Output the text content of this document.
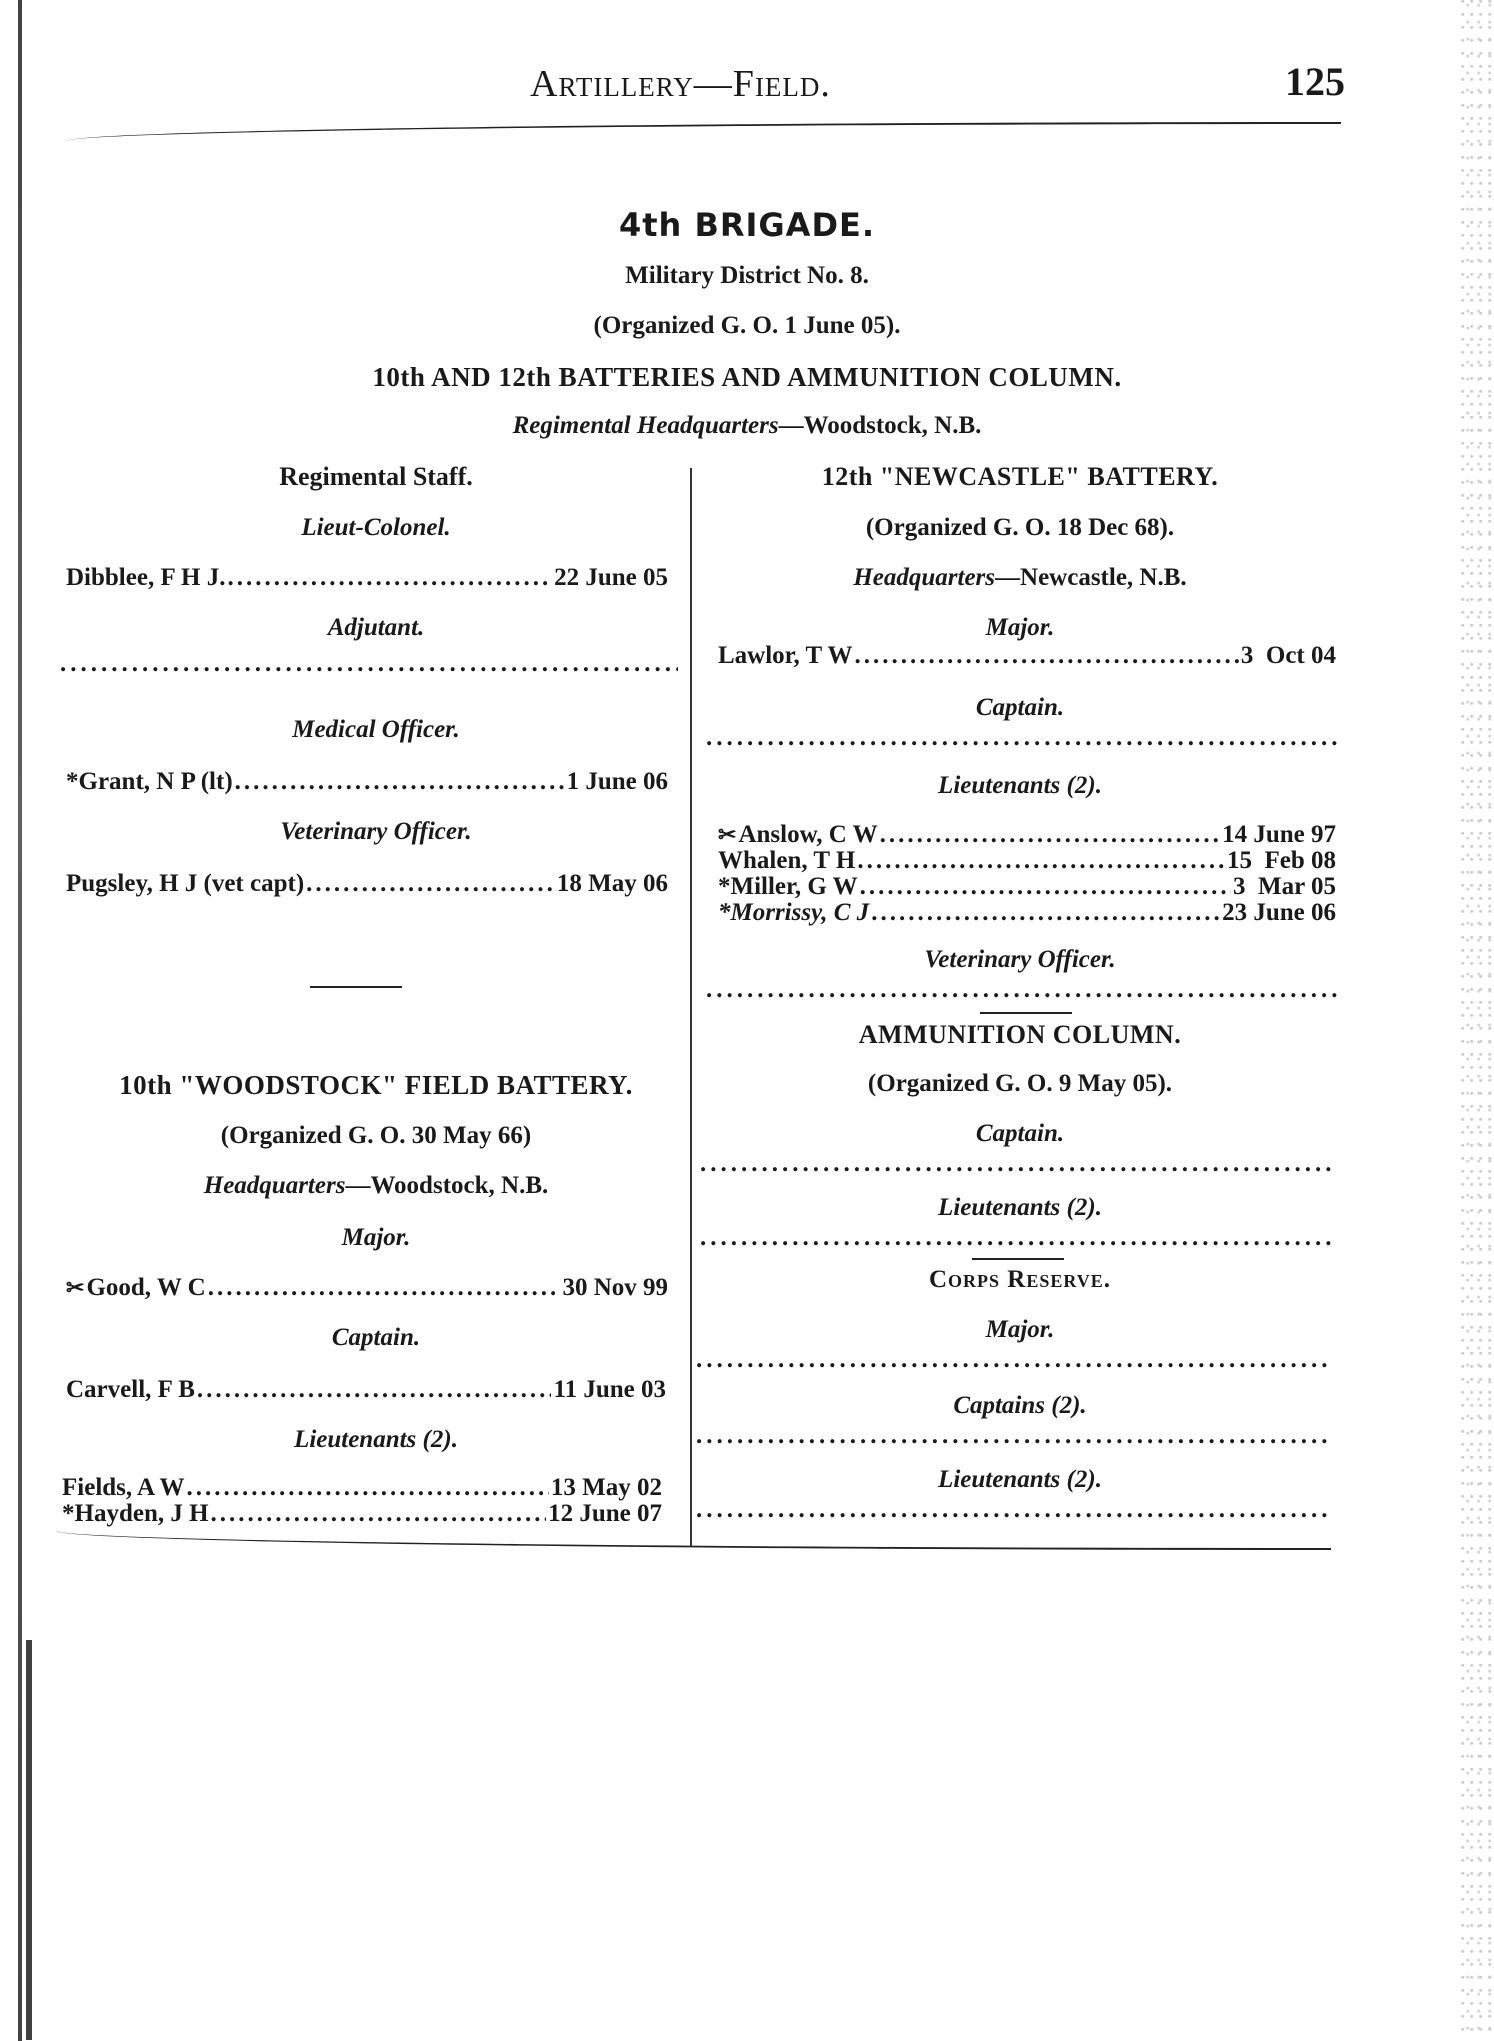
Artillery—Field.	125
4th BRIGADE.
Military District No. 8.
(Organized G. O. 1 June 05).
10th AND 12th BATTERIES AND AMMUNITION COLUMN.
Regimental Headquarters—Woodstock, N.B.
Regimental Staff.
Lieut-Colonel.
Dibblee, F H J. .....	22 June 05
Adjutant.
.....
Medical Officer.
*Grant, N P (lt) .....	1 June 06
Veterinary Officer.
Pugsley, H J (vet capt) .....	18 May 06
10th "WOODSTOCK" FIELD BATTERY.
(Organized G. O. 30 May 66)
Headquarters—Woodstock, N.B.
Major.
✂Good, W C .....	30 Nov 99
Captain.
Carvell, F B .....	11 June 03
Lieutenants (2).
Fields, A W .....	13 May 02
*Hayden, J H .....	12 June 07
12th "NEWCASTLE" BATTERY.
(Organized G. O. 18 Dec 68).
Headquarters—Newcastle, N.B.
Major.
Lawlor, T W .....	3  Oct 04
Captain.
.....
Lieutenants (2).
✂Anslow, C W .....	14 June 97
Whalen, T H .....	15  Feb 08
*Miller, G W .....	3  Mar 05
*Morrissy, C J .....	23 June 06
Veterinary Officer.
.....
AMMUNITION COLUMN.
(Organized G. O. 9 May 05).
Captain.
.....
Lieutenants (2).
.....
Corps Reserve.
Major.
.....
Captains (2).
.....
Lieutenants (2).
.....
